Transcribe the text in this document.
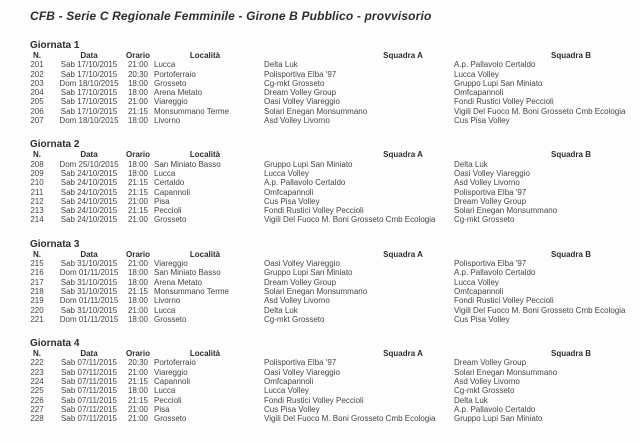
CFB - Serie C Regionale Femminile - Girone B Pubblico - provvisorio
Giornata 1
N.	Data	Orario	Località	Squadra A	Squadra B
201	Sab 17/10/2015	21:00 Lucca	Delta Luk	A.p. Pallavolo Certaldo
202	Sab 17/10/2015	20:30 Portoferraio	Polisportiva Elba '97	Lucca Volley
203	Dom 18/10/2015	18:00 Grosseto	Cg-mkt Grosseto	Gruppo Lupi San Miniato
204	Sab 17/10/2015	18:00 Arena Metato	Dream Volley Group	Omfcapannoli
205	Sab 17/10/2015	21:00 Viareggio	Oasi Volley Viareggio	Fondi Rustici Volley Peccioli
206	Sab 17/10/2015	21:15 Monsummano Terme	Solari Enegan Monsummano	Vigili Del Fuoco M. Boni Grosseto Cmb Ecologia
207	Dom 18/10/2015	18:00 Livorno	Asd Volley Livorno	Cus Pisa Volley
Giornata 2
N.	Data	Orario	Località	Squadra A	Squadra B
208	Dom 25/10/2015	18:00 San Miniato Basso	Gruppo Lupi San Miniato	Delta Luk
209	Sab 24/10/2015	18:00 Lucca	Lucca Volley	Oasi Volley Viareggio
210	Sab 24/10/2015	21:15 Certaldo	A.p. Pallavolo Certaldo	Asd Volley Livorno
211	Sab 24/10/2015	21:15 Capannoli	Omfcapannoli	Polisportiva Elba '97
212	Sab 24/10/2015	21:00 Pisa	Cus Pisa Volley	Dream Volley Group
213	Sab 24/10/2015	21:15 Peccioli	Fondi Rustici Volley Peccioli	Solari Enegan Monsummano
214	Sab 24/10/2015	21:00 Grosseto	Vigili Del Fuoco M. Boni Grosseto Cmb Ecologia	Cg-mkt Grosseto
Giornata 3
N.	Data	Orario	Località	Squadra A	Squadra B
215	Sab 31/10/2015	21:00 Viareggio	Oasi Volley Viareggio	Polisportiva Elba '97
216	Dom 01/11/2015	18:00 San Miniato Basso	Gruppo Lupi San Miniato	A.p. Pallavolo Certaldo
217	Sab 31/10/2015	18:00 Arena Metato	Dream Volley Group	Lucca Volley
218	Sab 31/10/2015	21:15 Monsummano Terme	Solari Enegan Monsummano	Omfcapannoli
219	Dom 01/11/2015	18:00 Livorno	Asd Volley Livorno	Fondi Rustici Volley Peccioli
220	Sab 31/10/2015	21:00 Lucca	Delta Luk	Vigili Del Fuoco M. Boni Grosseto Cmb Ecologia
221	Dom 01/11/2015	18:00 Grosseto	Cg-mkt Grosseto	Cus Pisa Volley
Giornata 4
N.	Data	Orario	Località	Squadra A	Squadra B
222	Sab 07/11/2015	20:30 Portoferraio	Polisportiva Elba '97	Dream Volley Group
223	Sab 07/11/2015	21:00 Viareggio	Oasi Volley Viareggio	Solari Enegan Monsummano
224	Sab 07/11/2015	21:15 Capannoli	Omfcapannoli	Asd Volley Livorno
225	Sab 07/11/2015	18:00 Lucca	Lucca Volley	Cg-mkt Grosseto
226	Sab 07/11/2015	21:15 Peccioli	Fondi Rustici Volley Peccioli	Delta Luk
227	Sab 07/11/2015	21:00 Pisa	Cus Pisa Volley	A.p. Pallavolo Certaldo
228	Sab 07/11/2015	21:00 Grosseto	Vigili Del Fuoco M. Boni Grosseto Cmb Ecologia	Gruppo Lupi San Miniato
